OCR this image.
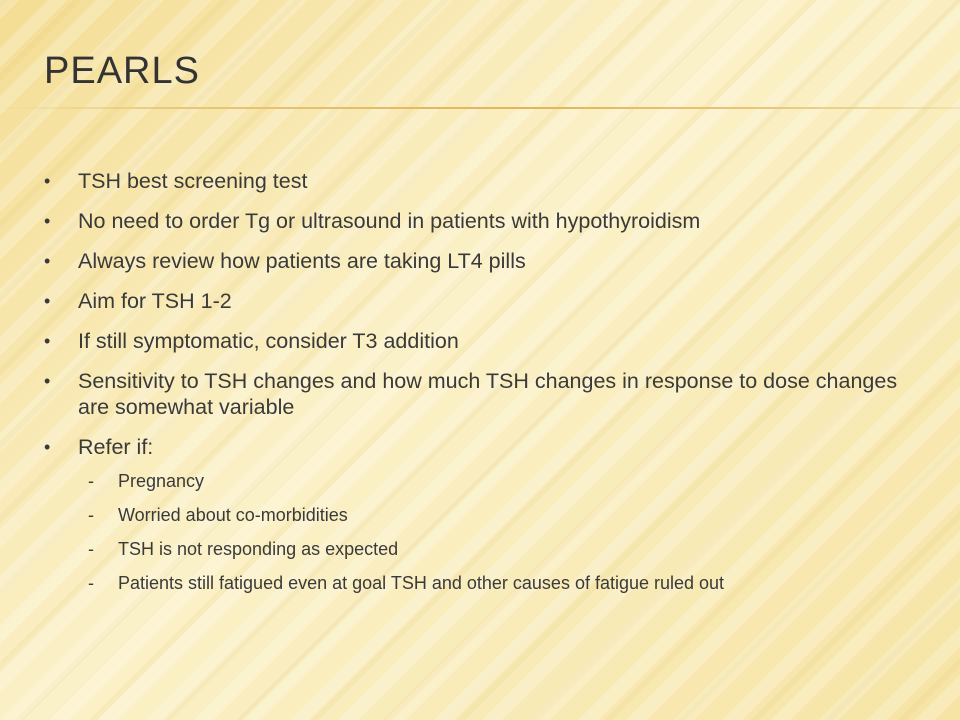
PEARLS
•	TSH best screening test
•	No need to order Tg or ultrasound in patients with hypothyroidism
•	Always review how patients are taking LT4 pills
•	Aim for TSH 1-2
•	If still symptomatic, consider T3 addition
•	Sensitivity to TSH changes and how much TSH changes in response to dose changes are somewhat variable
•	Refer if:
- Pregnancy
- Worried about co-morbidities
- TSH is not responding as expected
- Patients still fatigued even at goal TSH and other causes of fatigue ruled out
